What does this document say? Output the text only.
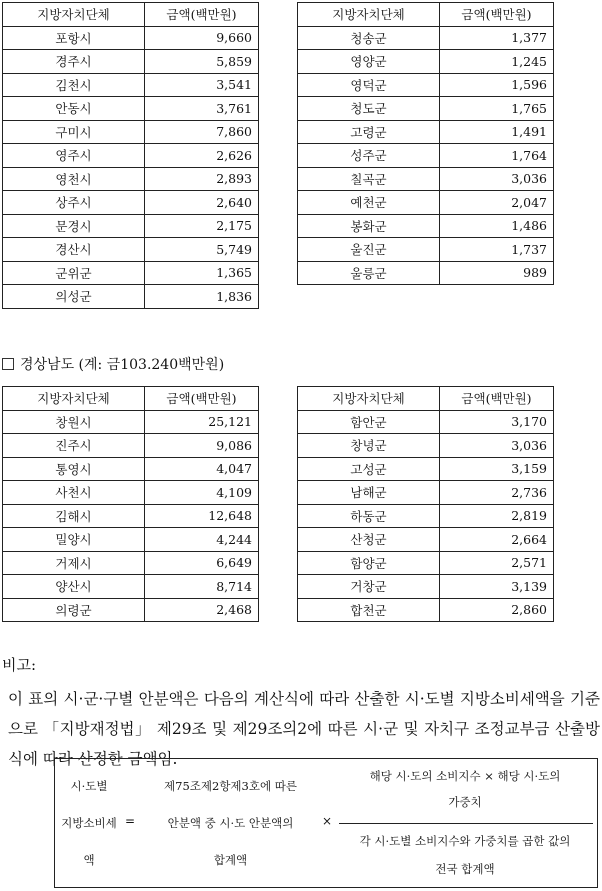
지방자치단체	금액(백만원)
포항시	9,660
경주시	5,859
김천시	3,541
안동시	3,761
구미시	7,860
영주시	2,626
영천시	2,893
상주시	2,640
문경시	2,175
경산시	5,749
군위군	1,365
의성군	1,836
지방자치단체	금액(백만원)
청송군	1,377
영양군	1,245
영덕군	1,596
청도군	1,765
고령군	1,491
성주군	1,764
칠곡군	3,036
예천군	2,047
봉화군	1,486
울진군	1,737
울릉군	989
경상남도 (계: 금103.240백만원)
지방자치단체	금액(백만원)
창원시	25,121
진주시	9,086
통영시	4,047
사천시	4,109
김해시	12,648
밀양시	4,244
거제시	6,649
양산시	8,714
의령군	2,468
지방자치단체	금액(백만원)
함안군	3,170
창녕군	3,036
고성군	3,159
남해군	2,736
하동군	2,819
산청군	2,664
함양군	2,571
거창군	3,139
합천군	2,860
비고:
이 표의 시·군·구별 안분액은 다음의 계산식에 따라 산출한 시·도별 지방소비세액을 기준으로 「지방재정법」 제29조 및 제29조의2에 따른 시·군 및 자치구 조정교부금 산출방식에 따라 산정한 금액임.
시·도별
지방소비세
액
=
제75조제2항제3호에 따른
안분액 중 시·도 안분액의
합계액
×
해당 시·도의 소비지수 × 해당 시·도의
가중치
각 시·도별 소비지수와 가중치를 곱한 값의
전국 합계액
